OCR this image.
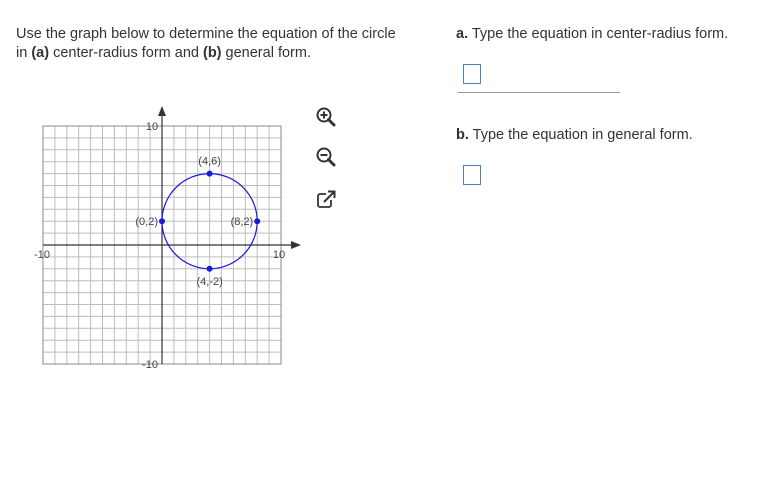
Use the graph below to determine the equation of the circle in (a) center-radius form and (b) general form.
-10	10
10
-10
(4,6)
(0,2)	(8,2)
(4,-2)

a. Type the equation in center-radius form.

b. Type the equation in general form.
